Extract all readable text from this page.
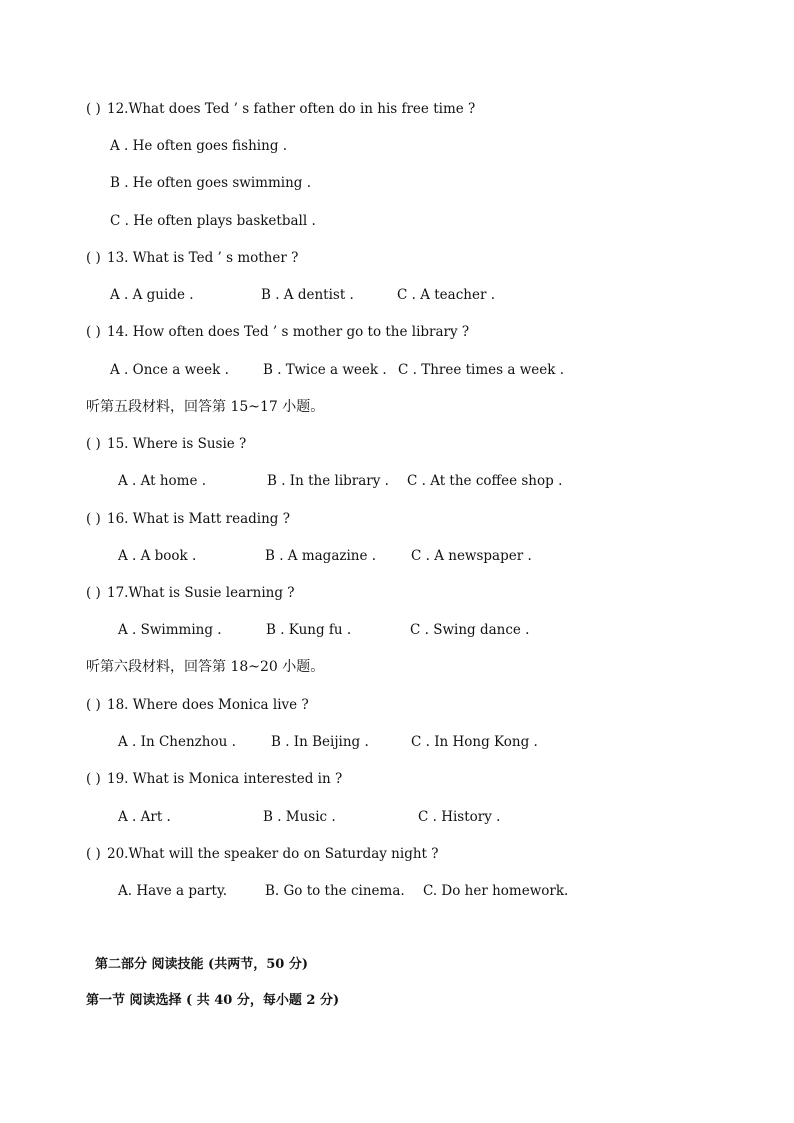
( ) 12.What does Ted ’ s father often do in his free time ?
A . He often goes fishing .
B . He often goes swimming .
C . He often plays basketball .
( ) 13. What is Ted ’ s mother ?
A . A guide .	B . A dentist .	C . A teacher .
( ) 14. How often does Ted ’ s mother go to the library ?
A . Once a week .	B . Twice a week . C . Three times a week .
听第五段材料，回答第 15~17 小题。
( ) 15. Where is Susie ?
A . At home .	B . In the library . C . At the coffee shop .
( ) 16. What is Matt reading ?
A . A book .	B . A magazine .	C . A newspaper .
( ) 17.What is Susie learning ?
A . Swimming .	B . Kung fu .	C . Swing dance .
听第六段材料，回答第 18~20 小题。
( ) 18. Where does Monica live ?
A . In Chenzhou .	B . In Beijing .	C . In Hong Kong .
( ) 19. What is Monica interested in ?
A . Art .	B . Music .	C . History .
( ) 20.What will the speaker do on Saturday night ?
A. Have a party.	B. Go to the cinema. C. Do her homework.
第二部分 阅读技能 (共两节，50 分)
第一节 阅读选择 ( 共 40 分，每小题 2 分)
